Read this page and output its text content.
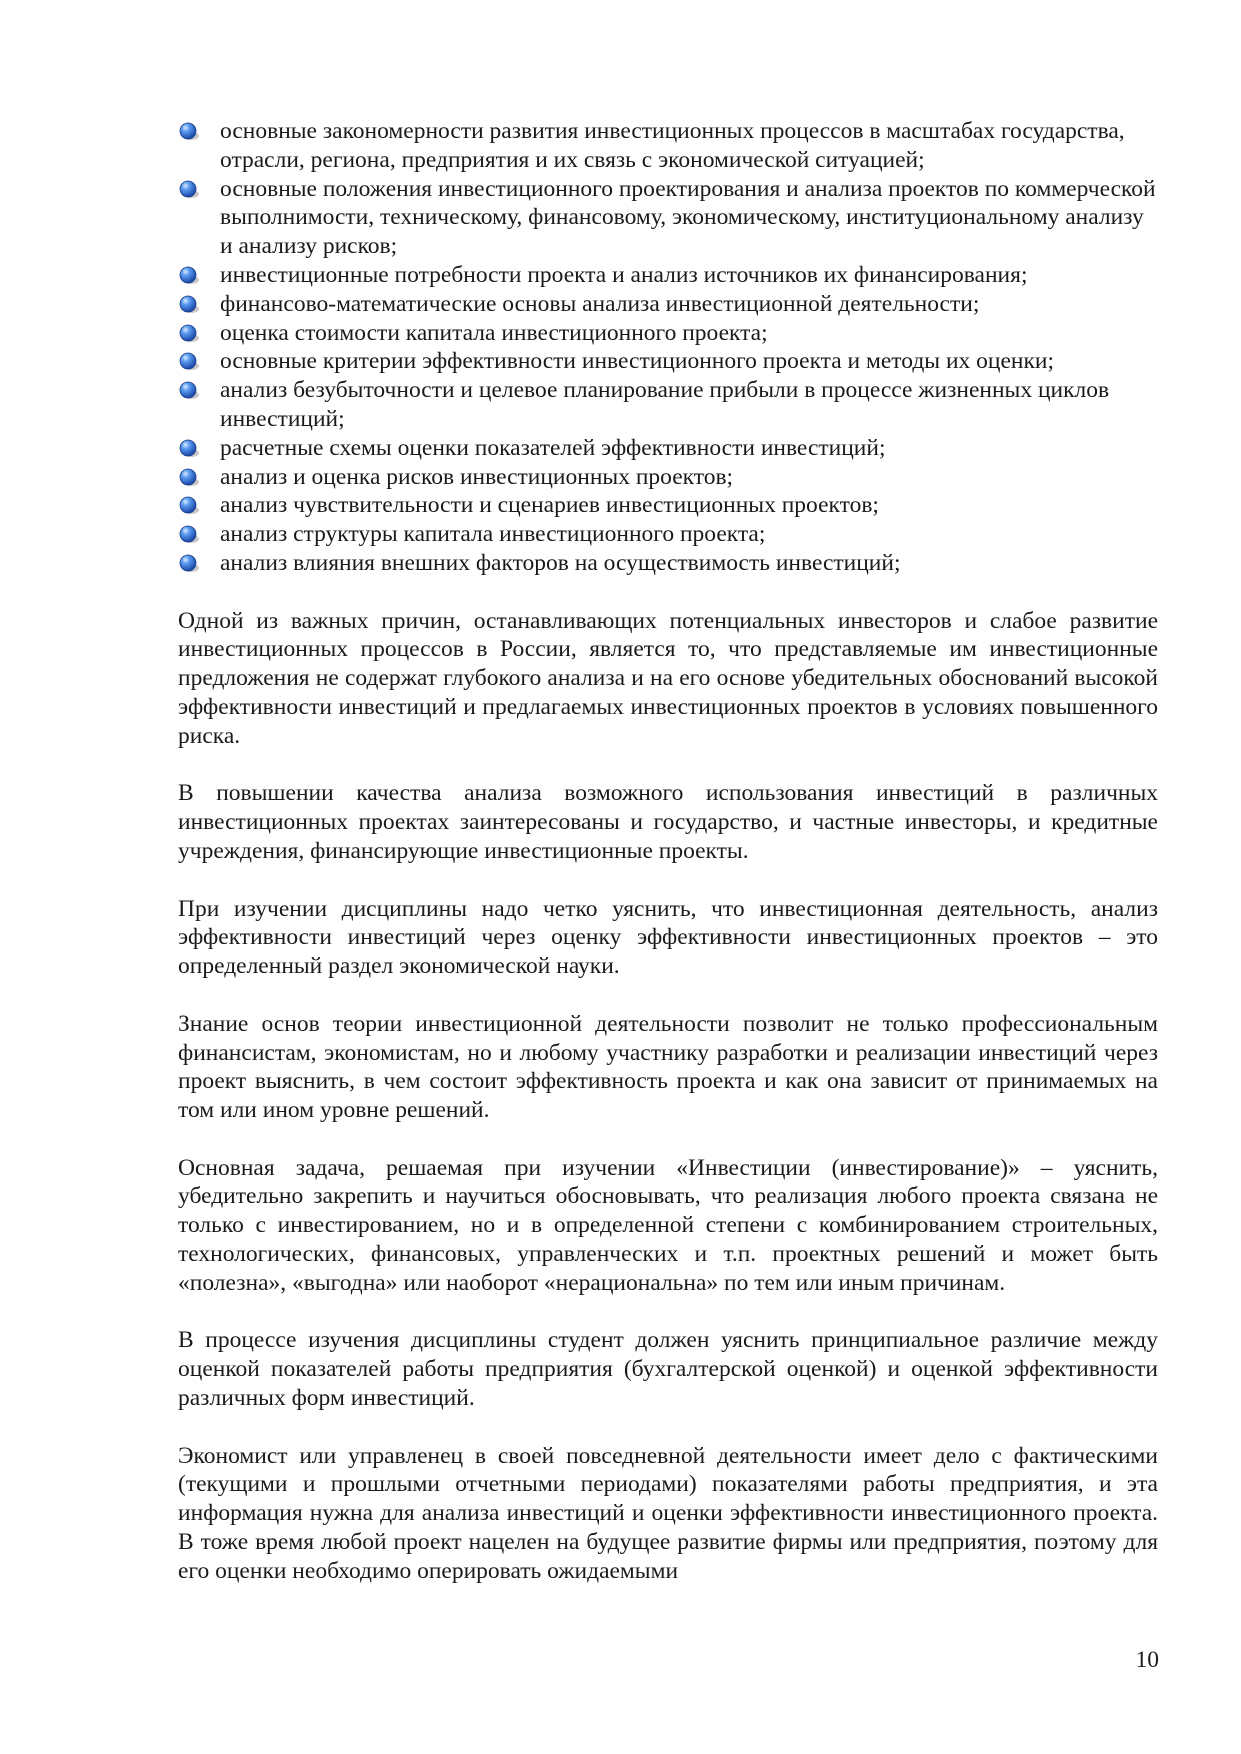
основные закономерности развития инвестиционных процессов в масштабах государства, отрасли, региона, предприятия и их связь с экономической ситуацией;
основные положения инвестиционного проектирования и анализа проектов по коммерческой выполнимости, техническому, финансовому, экономическому, институциональному анализу и анализу рисков;
инвестиционные потребности проекта и анализ источников их финансирования;
финансово-математические основы анализа инвестиционной деятельности;
оценка стоимости капитала инвестиционного проекта;
основные критерии эффективности инвестиционного проекта и методы их оценки;
анализ безубыточности и целевое планирование прибыли в процессе жизненных циклов инвестиций;
расчетные схемы оценки показателей эффективности инвестиций;
анализ и оценка рисков инвестиционных проектов;
анализ чувствительности и сценариев инвестиционных проектов;
анализ структуры капитала инвестиционного проекта;
анализ влияния внешних факторов на осуществимость инвестиций;

Одной из важных причин, останавливающих потенциальных инвесторов и слабое развитие инвестиционных процессов в России, является то, что представляемые им инвестиционные предложения не содержат глубокого анализа и на его основе убедительных обоснований высокой эффективности инвестиций и предлагаемых инвестиционных проектов в условиях повышенного риска.

В повышении качества анализа возможного использования инвестиций в различных инвестиционных проектах заинтересованы и государство, и частные инвесторы, и кредитные учреждения, финансирующие инвестиционные проекты.

При изучении дисциплины надо четко уяснить, что инвестиционная деятельность, анализ эффективности инвестиций через оценку эффективности инвестиционных проектов – это определенный раздел экономической науки.

Знание основ теории инвестиционной деятельности позволит не только профессиональным финансистам, экономистам, но и любому участнику разработки и реализации инвестиций через проект выяснить, в чем состоит эффективность проекта и как она зависит от принимаемых на том или ином уровне решений.

Основная задача, решаемая при изучении «Инвестиции (инвестирование)» – уяснить, убедительно закрепить и научиться обосновывать, что реализация любого проекта связана не только с инвестированием, но и в определенной степени с комбинированием строительных, технологических, финансовых, управленческих и т.п. проектных решений и может быть «полезна», «выгодна» или наоборот «нерациональна» по тем или иным причинам.

В процессе изучения дисциплины студент должен уяснить принципиальное различие между оценкой показателей работы предприятия (бухгалтерской оценкой) и оценкой эффективности различных форм инвестиций.

Экономист или управленец в своей повседневной деятельности имеет дело с фактическими (текущими и прошлыми отчетными периодами) показателями работы предприятия, и эта информация нужна для анализа инвестиций и оценки эффективности инвестиционного проекта. В тоже время любой проект нацелен на будущее развитие фирмы или предприятия, поэтому для его оценки необходимо оперировать ожидаемыми

10
